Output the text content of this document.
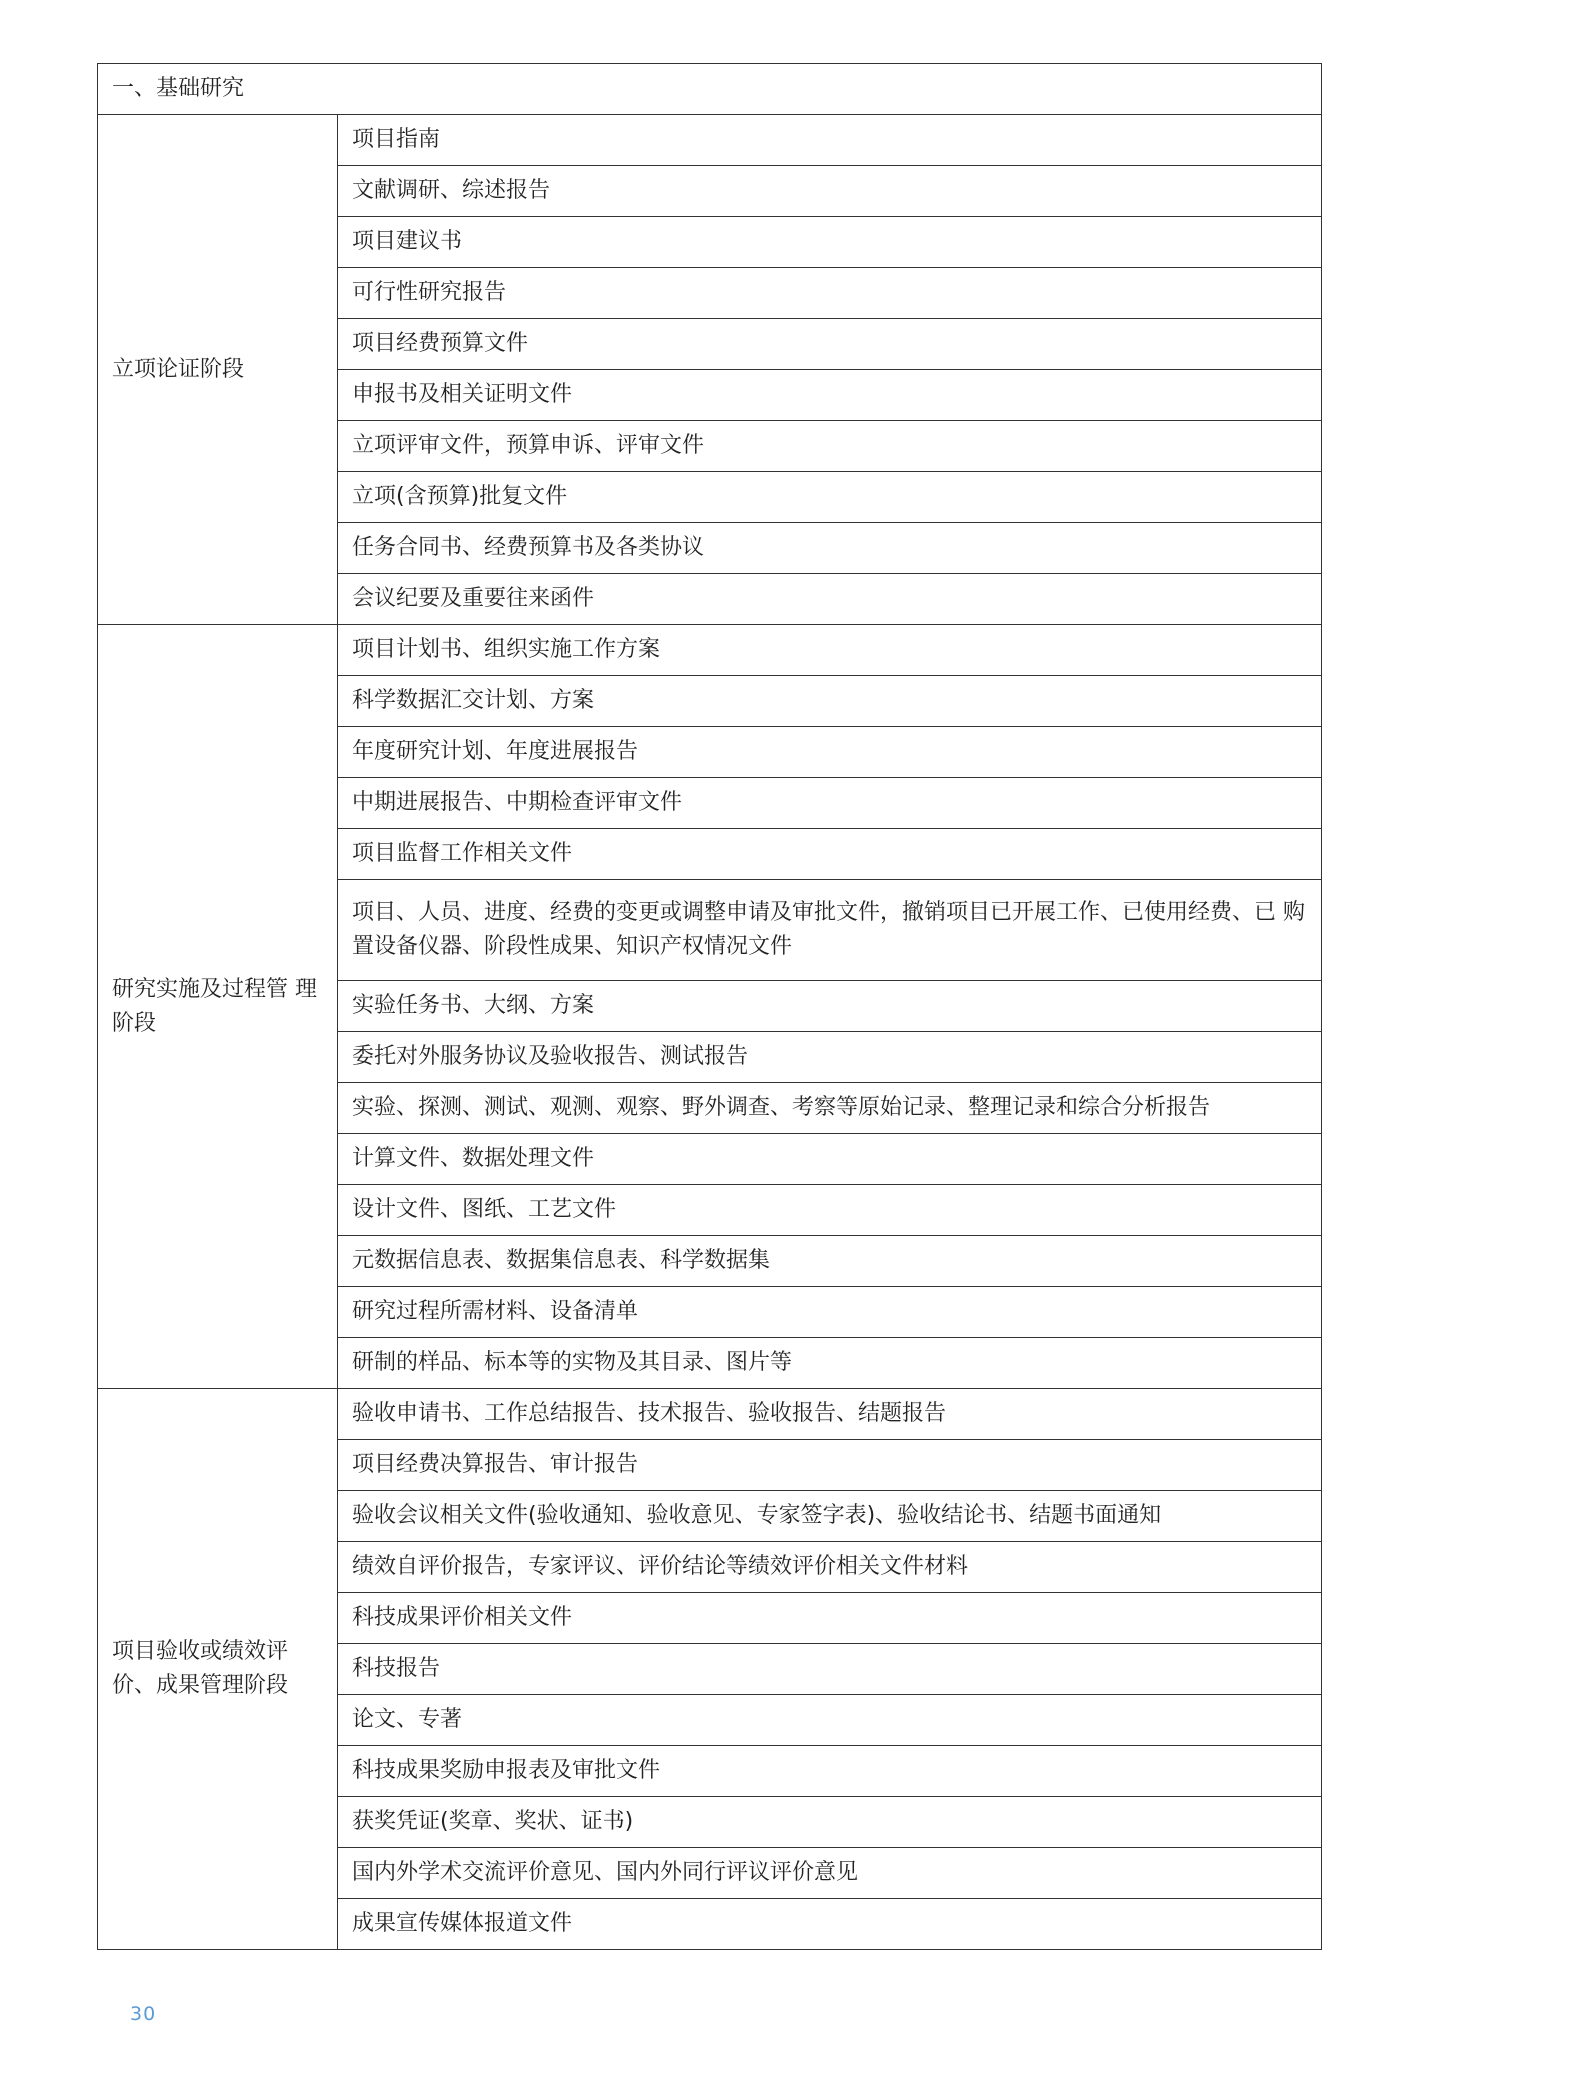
一、基础研究	
立项论证阶段	项目指南
	文献调研、综述报告
	项目建议书
	可行性研究报告
	项目经费预算文件
	申报书及相关证明文件
	立项评审文件，预算申诉、评审文件
	立项(含预算)批复文件
	任务合同书、经费预算书及各类协议
	会议纪要及重要往来函件
研究实施及过程管 理阶段	项目计划书、组织实施工作方案
	科学数据汇交计划、方案
	年度研究计划、年度进展报告
	中期进展报告、中期检查评审文件
	项目监督工作相关文件
	项目、人员、进度、经费的变更或调整申请及审批文件，撤销项目已开展工作、已使用经费、已 购置设备仪器、阶段性成果、知识产权情况文件
	实验任务书、大纲、方案
	委托对外服务协议及验收报告、测试报告
	实验、探测、测试、观测、观察、野外调查、考察等原始记录、整理记录和综合分析报告
	计算文件、数据处理文件
	设计文件、图纸、工艺文件
	元数据信息表、数据集信息表、科学数据集
	研究过程所需材料、设备清单
	研制的样品、标本等的实物及其目录、图片等
项目验收或绩效评 价、成果管理阶段	验收申请书、工作总结报告、技术报告、验收报告、结题报告
	项目经费决算报告、审计报告
	验收会议相关文件(验收通知、验收意见、专家签字表)、验收结论书、结题书面通知
	绩效自评价报告，专家评议、评价结论等绩效评价相关文件材料
	科技成果评价相关文件
	科技报告
	论文、专著
	科技成果奖励申报表及审批文件
	获奖凭证(奖章、奖状、证书)
	国内外学术交流评价意见、国内外同行评议评价意见
	成果宣传媒体报道文件
30
